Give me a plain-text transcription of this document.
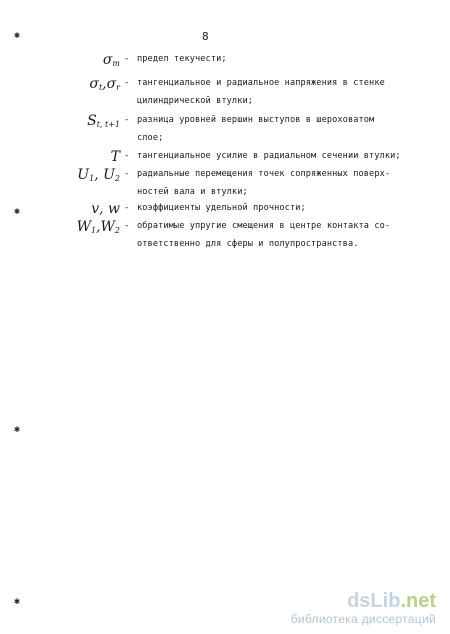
8
✱
✱
✱
✱
$\sigma_т$ - предел текучести;
$\sigma_t,\sigma_r$ - тангенциальное и радиальное напряжения в стенке
цилиндрической втулки;
$S_{t, t+1}$ - разница уровней вершин выступов в шероховатом
слое;
T - тангенциальное усилие в радиальном сечении втулки;
$U_1$, $U_2$ - радиальные перемещения точек сопряженных поверх-
ностей вала и втулки;
v, w - коэффициенты удельной прочности;
$W_1,W_2$ - обратимые упругие смещения в центре контакта со-
ответственно для сферы и полупространства.
dsLib.net
библиотека диссертаций
